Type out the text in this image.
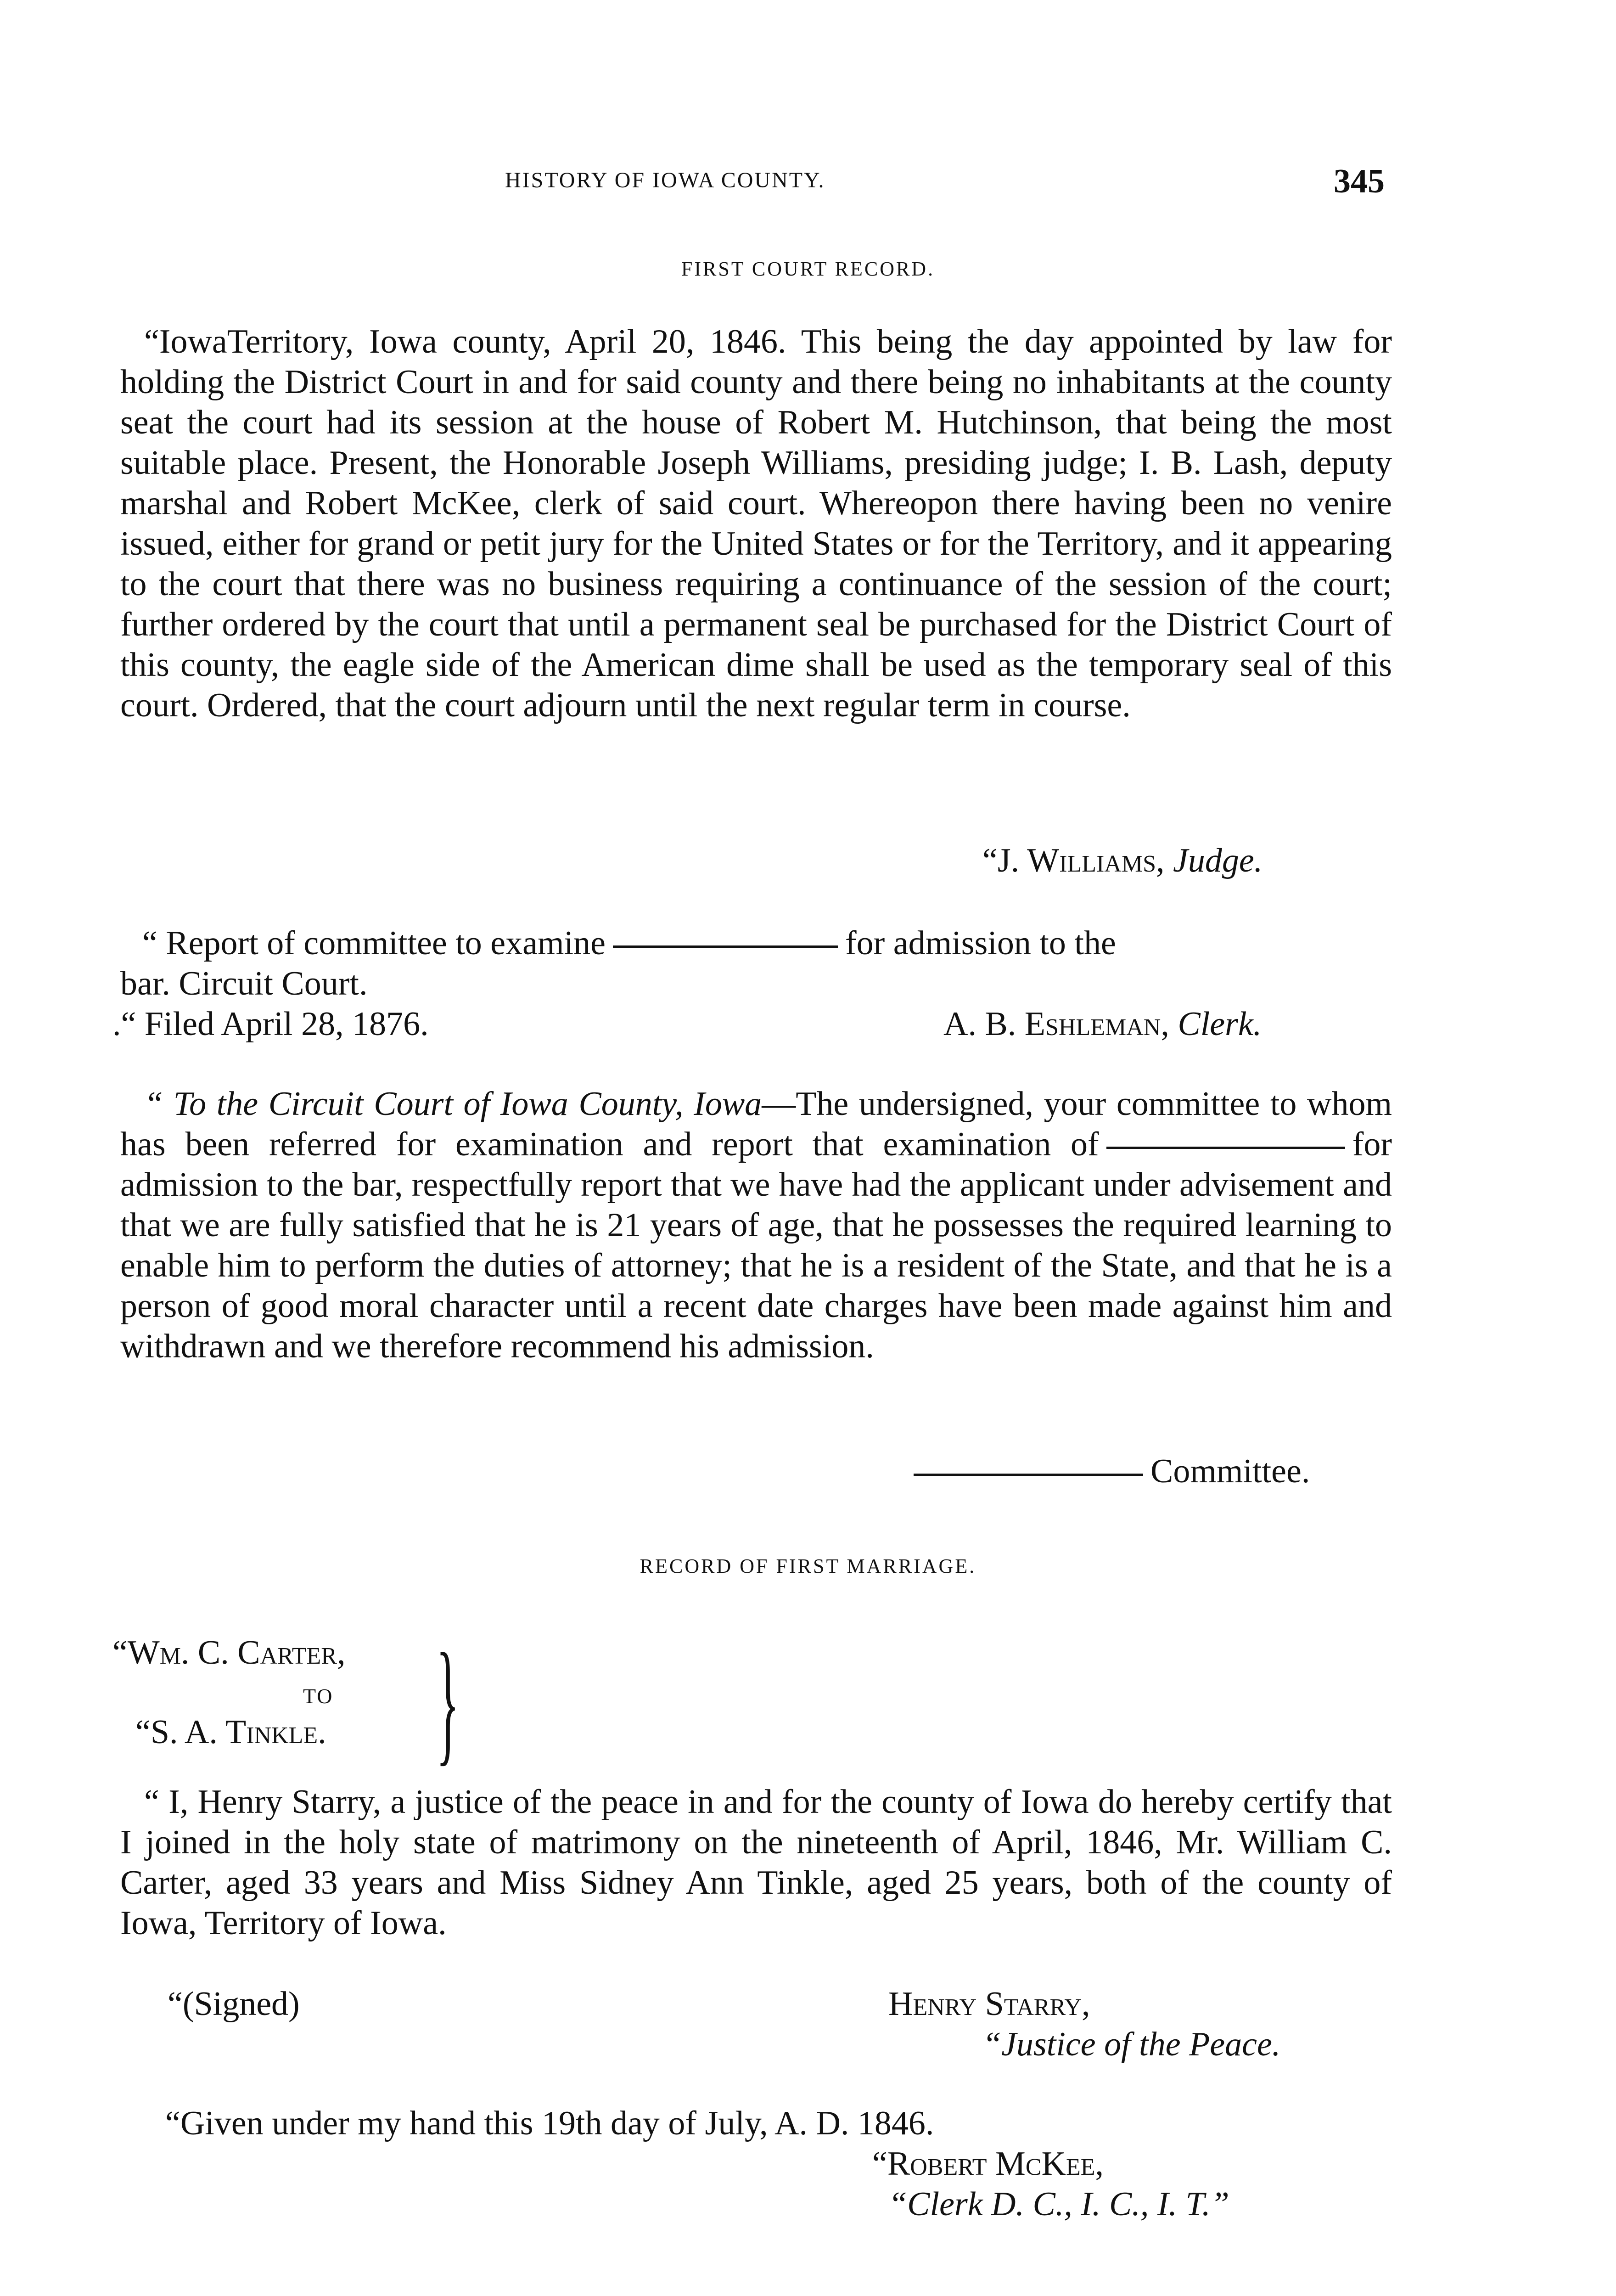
HISTORY OF IOWA COUNTY.	345
FIRST COURT RECORD.
“IowaTerritory, Iowa county, April 20, 1846. This being the day appointed by law for holding the District Court in and for said county and there being no inhabitants at the county seat the court had its session at the house of Robert M. Hutchinson, that being the most suitable place. Present, the Honorable Joseph Williams, presiding judge; I. B. Lash, deputy marshal and Robert McKee, clerk of said court. Whereopon there having been no venire issued, either for grand or petit jury for the United States or for the Territory, and it appearing to the court that there was no business requiring a continuance of the session of the court; further ordered by the court that until a permanent seal be purchased for the District Court of this county, the eagle side of the American dime shall be used as the temporary seal of this court. Ordered, that the court adjourn until the next regular term in course.
“J. Williams, Judge.
“ Report of committee to examine	for admission to the
bar. Circuit Court.
.“ Filed April 28, 1876.	A. B. Eshleman, Clerk.
“ To the Circuit Court of Iowa County, Iowa—The undersigned, your committee to whom has been referred for examination and report that examination of	for admission to the bar, respectfully report that we have had the applicant under advisement and that we are fully satisfied that he is 21 years of age, that he possesses the required learning to enable him to perform the duties of attorney; that he is a resident of the State, and that he is a person of good moral character until a recent date charges have been made against him and withdrawn and we therefore recommend his admission.
Committee.
RECORD OF FIRST MARRIAGE.
“Wm. C. Carter,
TO
“S. A. Tinkle. }
“ I, Henry Starry, a justice of the peace in and for the county of Iowa do hereby certify that I joined in the holy state of matrimony on the nineteenth of April, 1846, Mr. William C. Carter, aged 33 years and Miss Sidney Ann Tinkle, aged 25 years, both of the county of Iowa, Territory of Iowa.
“(Signed)	Henry Starry,
“Justice of the Peace.
“Given under my hand this 19th day of July, A. D. 1846.
“Robert McKee,
“Clerk D. C., I. C., I. T.”
